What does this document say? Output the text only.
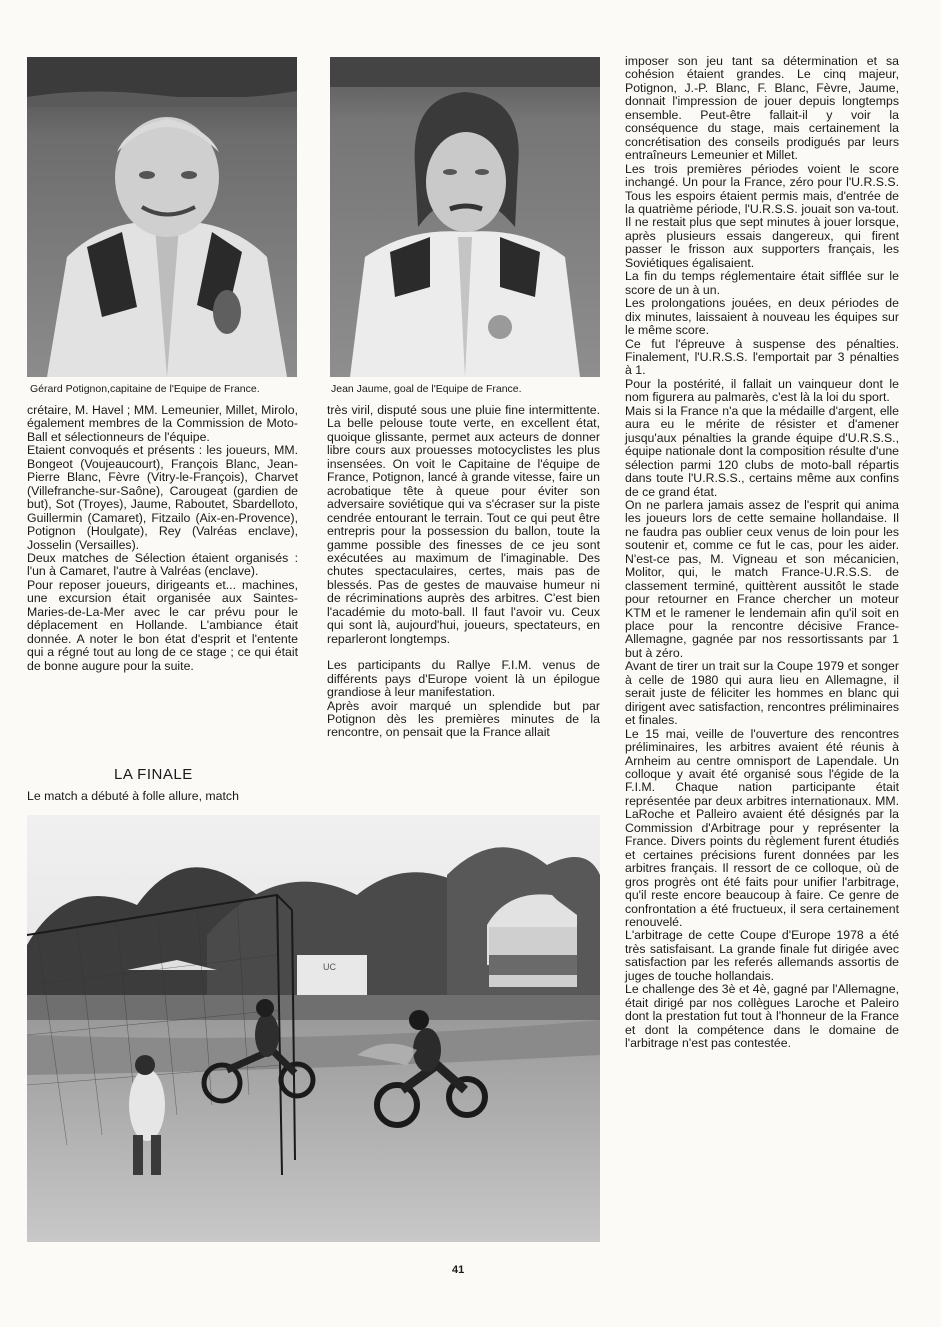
Gérard Potignon,capitaine de l'Equipe de France.	Jean Jaume, goal de l'Equipe de France.

crétaire, M. Havel ; MM. Lemeunier, Millet, Mirolo, également membres de la Commission de Moto-Ball et sélectionneurs de l'équipe.

Etaient convoqués et présents : les joueurs, MM. Bongeot (Voujeaucourt), François Blanc, Jean-Pierre Blanc, Fèvre (Vitry-le-François), Charvet (Villefranche-sur-Saône), Carougeat (gardien de but), Sot (Troyes), Jaume, Raboutet, Sbardelloto, Guillermin (Camaret), Fitzailo (Aix-en-Provence), Potignon (Houlgate), Rey (Valréas enclave), Josselin (Versailles).

Deux matches de Sélection étaient organisés : l'un à Camaret, l'autre à Valréas (enclave).

Pour reposer joueurs, dirigeants et... machines, une excursion était organisée aux Saintes-Maries-de-La-Mer avec le car prévu pour le déplacement en Hollande. L'ambiance était donnée. A noter le bon état d'esprit et l'entente qui a régné tout au long de ce stage ; ce qui était de bonne augure pour la suite.

LA FINALE

Le match a débuté à folle allure, match

très viril, disputé sous une pluie fine intermittente. La belle pelouse toute verte, en excellent état, quoique glissante, permet aux acteurs de donner libre cours aux prouesses motocyclistes les plus insensées. On voit le Capitaine de l'équipe de France, Potignon, lancé à grande vitesse, faire un acrobatique tête à queue pour éviter son adversaire soviétique qui va s'écraser sur la piste cendrée entourant le terrain. Tout ce qui peut être entrepris pour la possession du ballon, toute la gamme possible des finesses de ce jeu sont exécutées au maximum de l'imaginable. Des chutes spectaculaires, certes, mais pas de blessés. Pas de gestes de mauvaise humeur ni de récriminations auprès des arbitres. C'est bien l'académie du moto-ball. Il faut l'avoir vu. Ceux qui sont là, aujourd'hui, joueurs, spectateurs, en reparleront longtemps.

Les participants du Rallye F.I.M. venus de différents pays d'Europe voient là un épilogue grandiose à leur manifestation.

Après avoir marqué un splendide but par Potignon dès les premières minutes de la rencontre, on pensait que la France allait

imposer son jeu tant sa détermination et sa cohésion étaient grandes. Le cinq majeur, Potignon, J.-P. Blanc, F. Blanc, Fèvre, Jaume, donnait l'impression de jouer depuis longtemps ensemble. Peut-être fallait-il y voir la conséquence du stage, mais certainement la concrétisation des conseils prodigués par leurs entraîneurs Lemeunier et Millet.

Les trois premières périodes voient le score inchangé. Un pour la France, zéro pour l'U.R.S.S. Tous les espoirs étaient permis mais, d'entrée de la quatrième période, l'U.R.S.S. jouait son va-tout. Il ne restait plus que sept minutes à jouer lorsque, après plusieurs essais dangereux, qui firent passer le frisson aux supporters français, les Soviétiques égalisaient.

La fin du temps réglementaire était sifflée sur le score de un à un.

Les prolongations jouées, en deux périodes de dix minutes, laissaient à nouveau les équipes sur le même score.

Ce fut l'épreuve à suspense des pénalties. Finalement, l'U.R.S.S. l'emportait par 3 pénalties à 1.

Pour la postérité, il fallait un vainqueur dont le nom figurera au palmarès, c'est là la loi du sport.

Mais si la France n'a que la médaille d'argent, elle aura eu le mérite de résister et d'amener jusqu'aux pénalties la grande équipe d'U.R.S.S., équipe nationale dont la composition résulte d'une sélection parmi 120 clubs de moto-ball répartis dans toute l'U.R.S.S., certains même aux confins de ce grand état.

On ne parlera jamais assez de l'esprit qui anima les joueurs lors de cette semaine hollandaise. Il ne faudra pas oublier ceux venus de loin pour les soutenir et, comme ce fut le cas, pour les aider. N'est-ce pas, M. Vigneau et son mécanicien, Molitor, qui, le match France-U.R.S.S. de classement terminé, quittèrent aussitôt le stade pour retourner en France chercher un moteur KTM et le ramener le lendemain afin qu'il soit en place pour la rencontre décisive France-Allemagne, gagnée par nos ressortissants par 1 but à zéro.

Avant de tirer un trait sur la Coupe 1979 et songer à celle de 1980 qui aura lieu en Allemagne, il serait juste de féliciter les hommes en blanc qui dirigent avec satisfaction, rencontres préliminaires et finales.

Le 15 mai, veille de l'ouverture des rencontres préliminaires, les arbitres avaient été réunis à Arnheim au centre omnisport de Lapendale. Un colloque y avait été organisé sous l'égide de la F.I.M. Chaque nation participante était représentée par deux arbitres internationaux. MM. LaRoche et Palleiro avaient été désignés par la Commission d'Arbitrage pour y représenter la France. Divers points du règlement furent étudiés et certaines précisions furent données par les arbitres français. Il ressort de ce colloque, où de gros progrès ont été faits pour unifier l'arbitrage, qu'il reste encore beaucoup à faire. Ce genre de confrontation a été fructueux, il sera certainement renouvelé.

L'arbitrage de cette Coupe d'Europe 1978 a été très satisfaisant. La grande finale fut dirigée avec satisfaction par les referés allemands assortis de juges de touche hollandais.

Le challenge des 3è et 4è, gagné par l'Allemagne, était dirigé par nos collègues Laroche et Paleiro dont la prestation fut tout à l'honneur de la France et dont la compétence dans le domaine de l'arbitrage n'est pas contestée.

UC
41
